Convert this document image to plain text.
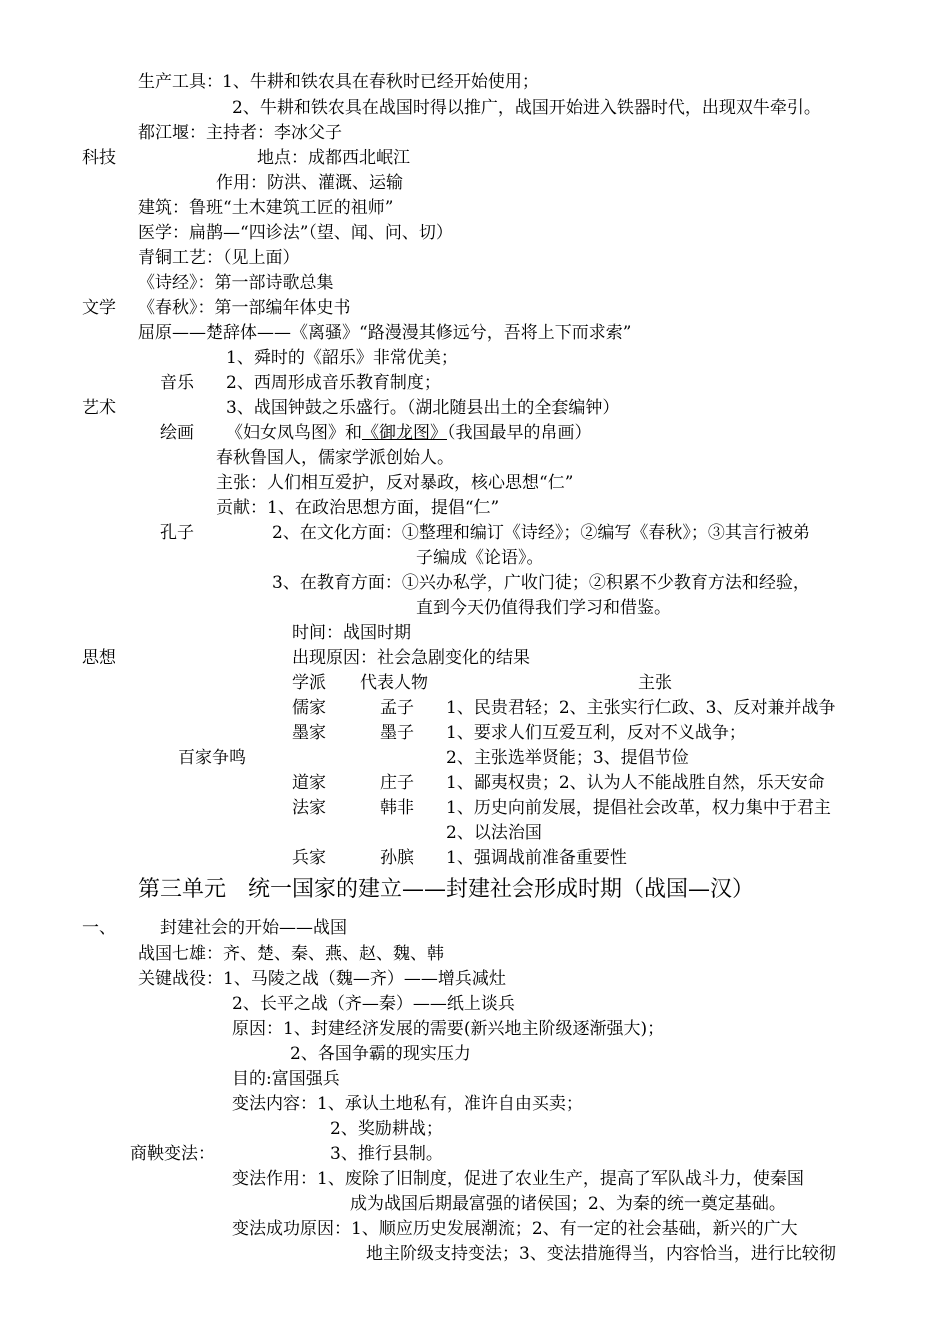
生产工具： 1、牛耕和铁农具在春秋时已经开始使用；
2、牛耕和铁农具在战国时得以推广，战国开始进入铁器时代，出现双牛牵引。
都江堰：主持者：李冰父子
科技	地点：成都西北岷江
作用：防洪、灌溉、运输
建筑：鲁班“土木建筑工匠的祖师”
医学：扁鹊—“四诊法”（望、闻、问、切）
青铜工艺：（见上面）
《诗经》：第一部诗歌总集
文学 《春秋》：第一部编年体史书
屈原——楚辞体——《离骚》“路漫漫其修远兮，吾将上下而求索”
1、舜时的《韶乐》非常优美；
音乐 2、西周形成音乐教育制度；
艺术	3、战国钟鼓之乐盛行。（湖北随县出土的全套编钟）
绘画 《妇女凤鸟图》和《御龙图》（我国最早的帛画）
春秋鲁国人，儒家学派创始人。
主张：人们相互爱护，反对暴政，核心思想“仁”
贡献：1、在政治思想方面，提倡“仁”
孔子	2、在文化方面：①整理和编订《诗经》；②编写《春秋》；③其言行被弟
子编成《论语》。
3、在教育方面：①兴办私学，广收门徒；②积累不少教育方法和经验，
直到今天仍值得我们学习和借鉴。
时间：战国时期
思想	出现原因：社会急剧变化的结果
学派 代表人物	主张
儒家	孟子 1、民贵君轻；2、主张实行仁政、3、反对兼并战争
墨家	墨子 1、要求人们互爱互利，反对不义战争；
百家争鸣	2、主张选举贤能；3、提倡节俭
道家	庄子 1、鄙夷权贵；2、认为人不能战胜自然，乐天安命
法家	韩非 1、历史向前发展，提倡社会改革，权力集中于君主
2、以法治国
兵家	孙膑 1、强调战前准备重要性
第三单元　统一国家的建立——封建社会形成时期（战国—汉）
一、	封建社会的开始——战国
战国七雄：齐、楚、秦、燕、赵、魏、韩
关键战役：1、马陵之战（魏—齐）——增兵减灶
2、长平之战（齐—秦）——纸上谈兵
原因：1、封建经济发展的需要(新兴地主阶级逐渐强大)；
2、各国争霸的现实压力
目的:富国强兵
变法内容：1、承认土地私有，准许自由买卖；
2、奖励耕战；
商鞅变法：	3、推行县制。
变法作用：1、废除了旧制度，促进了农业生产，提高了军队战斗力，使秦国
成为战国后期最富强的诸侯国；2、为秦的统一奠定基础。
变法成功原因：1、顺应历史发展潮流；2、有一定的社会基础，新兴的广大
地主阶级支持变法；3、变法措施得当，内容恰当，进行比较彻
